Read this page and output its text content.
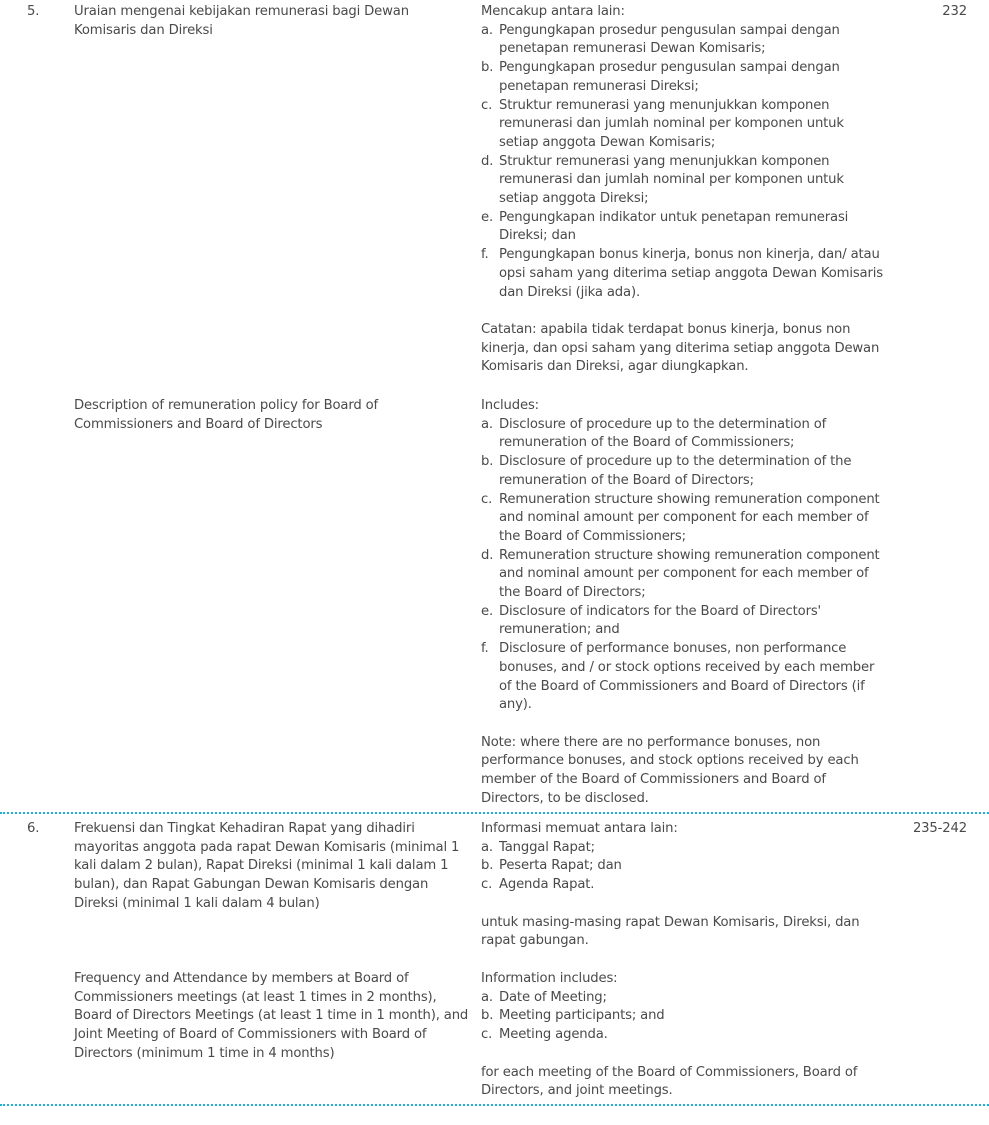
5.	Uraian mengenai kebijakan remunerasi bagi Dewan Komisaris dan Direksi

Mencakup antara lain:

a. Pengungkapan prosedur pengusulan sampai dengan penetapan remunerasi Dewan Komisaris;
b. Pengungkapan prosedur pengusulan sampai dengan penetapan remunerasi Direksi;
c. Struktur remunerasi yang menunjukkan komponen remunerasi dan jumlah nominal per komponen untuk setiap anggota Dewan Komisaris;
d. Struktur remunerasi yang menunjukkan komponen remunerasi dan jumlah nominal per komponen untuk setiap anggota Direksi;
e. Pengungkapan indikator untuk penetapan remunerasi Direksi; dan
f. Pengungkapan bonus kinerja, bonus non kinerja, dan/ atau opsi saham yang diterima setiap anggota Dewan Komisaris dan Direksi (jika ada).

Catatan: apabila tidak terdapat bonus kinerja, bonus non kinerja, dan opsi saham yang diterima setiap anggota Dewan Komisaris dan Direksi, agar diungkapkan.

232
Description of remuneration policy for Board of Commissioners and Board of Directors

Includes:

a. Disclosure of procedure up to the determination of remuneration of the Board of Commissioners;
b. Disclosure of procedure up to the determination of the remuneration of the Board of Directors;
c. Remuneration structure showing remuneration component and nominal amount per component for each member of the Board of Commissioners;
d. Remuneration structure showing remuneration component and nominal amount per component for each member of the Board of Directors;
e. Disclosure of indicators for the Board of Directors' remuneration; and
f. Disclosure of performance bonuses, non performance bonuses, and / or stock options received by each member of the Board of Commissioners and Board of Directors (if any).

Note: where there are no performance bonuses, non performance bonuses, and stock options received by each member of the Board of Commissioners and Board of Directors, to be disclosed.

6.	Frekuensi dan Tingkat Kehadiran Rapat yang dihadiri mayoritas anggota pada rapat Dewan Komisaris (minimal 1 kali dalam 2 bulan), Rapat Direksi (minimal 1 kali dalam 1 bulan), dan Rapat Gabungan Dewan Komisaris dengan Direksi (minimal 1 kali dalam 4 bulan)

Informasi memuat antara lain:

a. Tanggal Rapat;
b. Peserta Rapat; dan
c. Agenda Rapat.

untuk masing-masing rapat Dewan Komisaris, Direksi, dan rapat gabungan.

235-242
Frequency and Attendance by members at Board of Commissioners meetings (at least 1 times in 2 months), Board of Directors Meetings (at least 1 time in 1 month), and Joint Meeting of Board of Commissioners with Board of Directors (minimum 1 time in 4 months)

Information includes:

a. Date of Meeting;
b. Meeting participants; and
c. Meeting agenda.

for each meeting of the Board of Commissioners, Board of Directors, and joint meetings.
